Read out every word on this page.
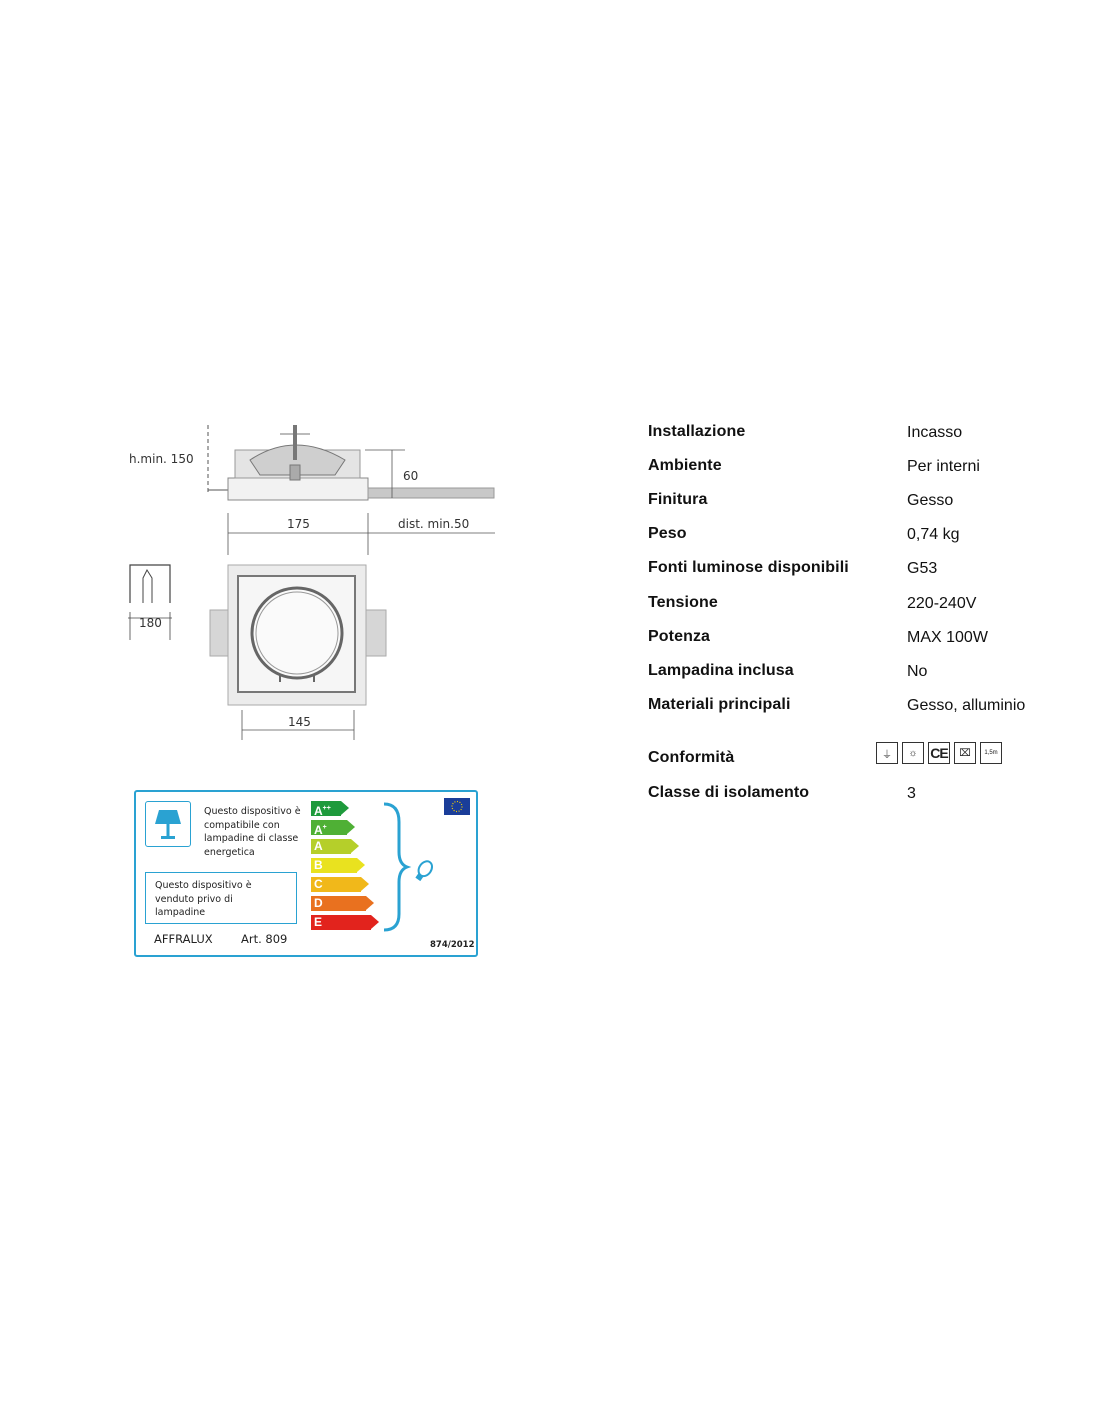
h.min. 150
60
175	dist. min.50
180
145
Questo dispositivo è compatibile con lampadine di classe energetica
Questo dispositivo è venduto privo di lampadine
AFFRALUX Art. 809	874/2012
A++
A+
A
B
C
D
E
Installazione	Incasso
Ambiente	Per interni
Finitura	Gesso
Peso	0,74 kg
Fonti luminose disponibili	G53
Tensione	220-240V
Potenza	MAX 100W
Lampadina inclusa	No
Materiali principali	Gesso, alluminio
Conformità	⏚	☼ CE	⌧	1,5m
Classe di isolamento	3
